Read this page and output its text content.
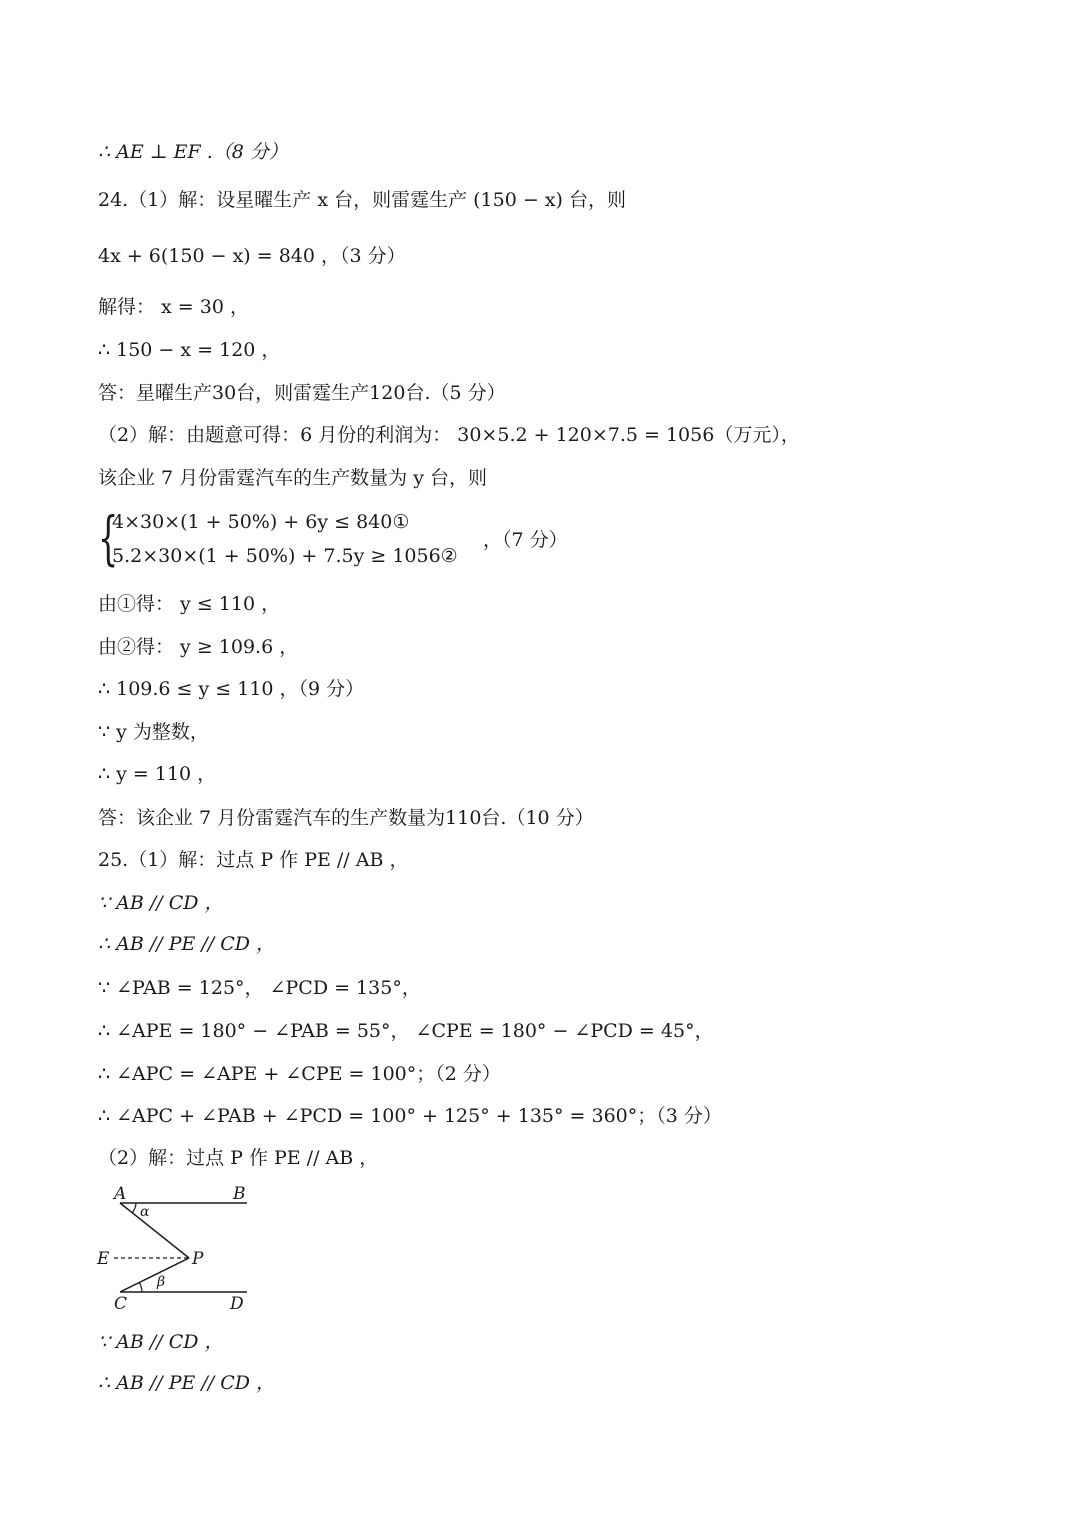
∴ AE ⊥ EF .（8 分）
24.（1）解：设星曜生产 x 台，则雷霆生产 (150 − x) 台，则
4x + 6(150 − x) = 840 ，（3 分）
解得： x = 30 ，
∴ 150 − x = 120 ，
答：星曜生产30台，则雷霆生产120台.（5 分）
（2）解：由题意可得：6 月份的利润为： 30×5.2 + 120×7.5 = 1056（万元），
该企业 7 月份雷霆汽车的生产数量为 y 台，则
{
4×30×(1 + 50%) + 6y ≤ 840①
5.2×30×(1 + 50%) + 7.5y ≥ 1056②
，（7 分）
由①得： y ≤ 110 ，
由②得： y ≥ 109.6 ，
∴ 109.6 ≤ y ≤ 110 ，（9 分）
∵ y 为整数，
∴ y = 110 ，
答：该企业 7 月份雷霆汽车的生产数量为110台.（10 分）
25.（1）解：过点 P 作 PE // AB ，
∵ AB // CD ，
∴ AB // PE // CD ，
∵ ∠PAB = 125°， ∠PCD = 135°，
∴ ∠APE = 180° − ∠PAB = 55°， ∠CPE = 180° − ∠PCD = 45°，
∴ ∠APC = ∠APE + ∠CPE = 100°；（2 分）
∴ ∠APC + ∠PAB + ∠PCD = 100° + 125° + 135° = 360°；（3 分）
（2）解：过点 P 作 PE // AB ，
A	B
α
E	P
β
C	D
∵ AB // CD ，
∴ AB // PE // CD ，
